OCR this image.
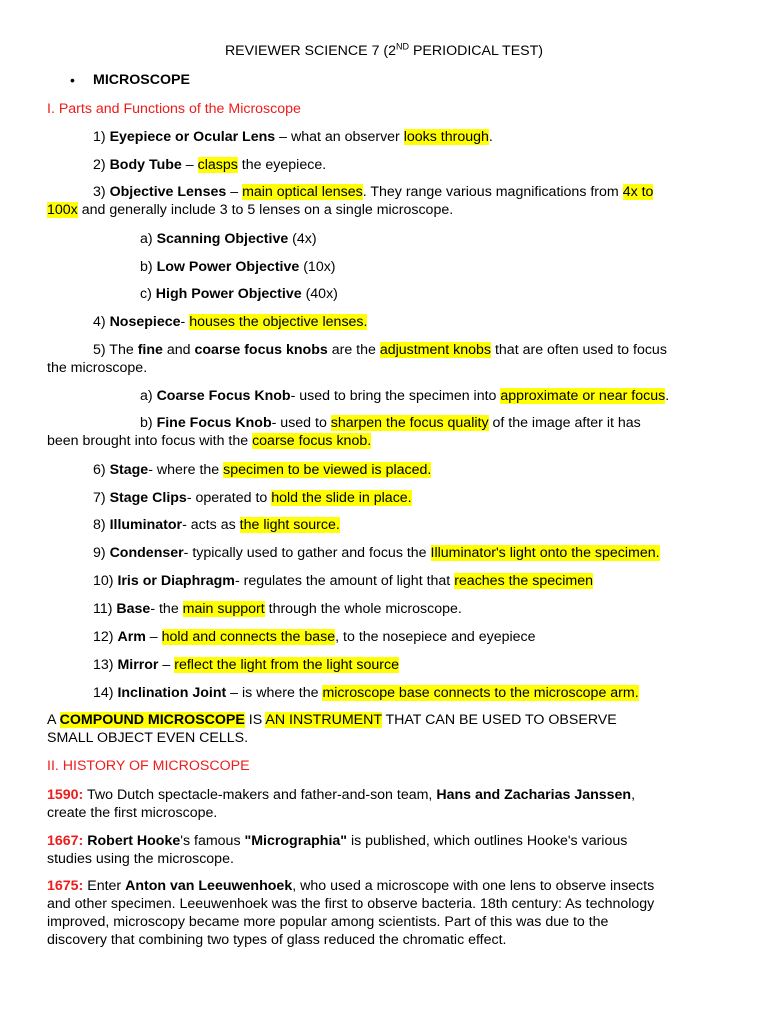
REVIEWER SCIENCE 7 (2ND PERIODICAL TEST)
• MICROSCOPE
I. Parts and Functions of the Microscope
1) Eyepiece or Ocular Lens – what an observer looks through.
2) Body Tube – clasps the eyepiece.
3) Objective Lenses – main optical lenses. They range various magnifications from 4x to
100x and generally include 3 to 5 lenses on a single microscope.
a) Scanning Objective (4x)
b) Low Power Objective (10x)
c) High Power Objective (40x)
4) Nosepiece- houses the objective lenses.
5) The fine and coarse focus knobs are the adjustment knobs that are often used to focus
the microscope.
a) Coarse Focus Knob- used to bring the specimen into approximate or near focus.
b) Fine Focus Knob- used to sharpen the focus quality of the image after it has
been brought into focus with the coarse focus knob.
6) Stage- where the specimen to be viewed is placed.
7) Stage Clips- operated to hold the slide in place.
8) Illuminator- acts as the light source.
9) Condenser- typically used to gather and focus the Illuminator's light onto the specimen.
10) Iris or Diaphragm- regulates the amount of light that reaches the specimen
11) Base- the main support through the whole microscope.
12) Arm – hold and connects the base, to the nosepiece and eyepiece
13) Mirror – reflect the light from the light source
14) Inclination Joint – is where the microscope base connects to the microscope arm.
A COMPOUND MICROSCOPE IS AN INSTRUMENT THAT CAN BE USED TO OBSERVE
SMALL OBJECT EVEN CELLS.
II. HISTORY OF MICROSCOPE
1590: Two Dutch spectacle-makers and father-and-son team, Hans and Zacharias Janssen,
create the first microscope.
1667: Robert Hooke's famous "Micrographia" is published, which outlines Hooke's various
studies using the microscope.
1675: Enter Anton van Leeuwenhoek, who used a microscope with one lens to observe insects
and other specimen. Leeuwenhoek was the first to observe bacteria. 18th century: As technology
improved, microscopy became more popular among scientists. Part of this was due to the
discovery that combining two types of glass reduced the chromatic effect.
